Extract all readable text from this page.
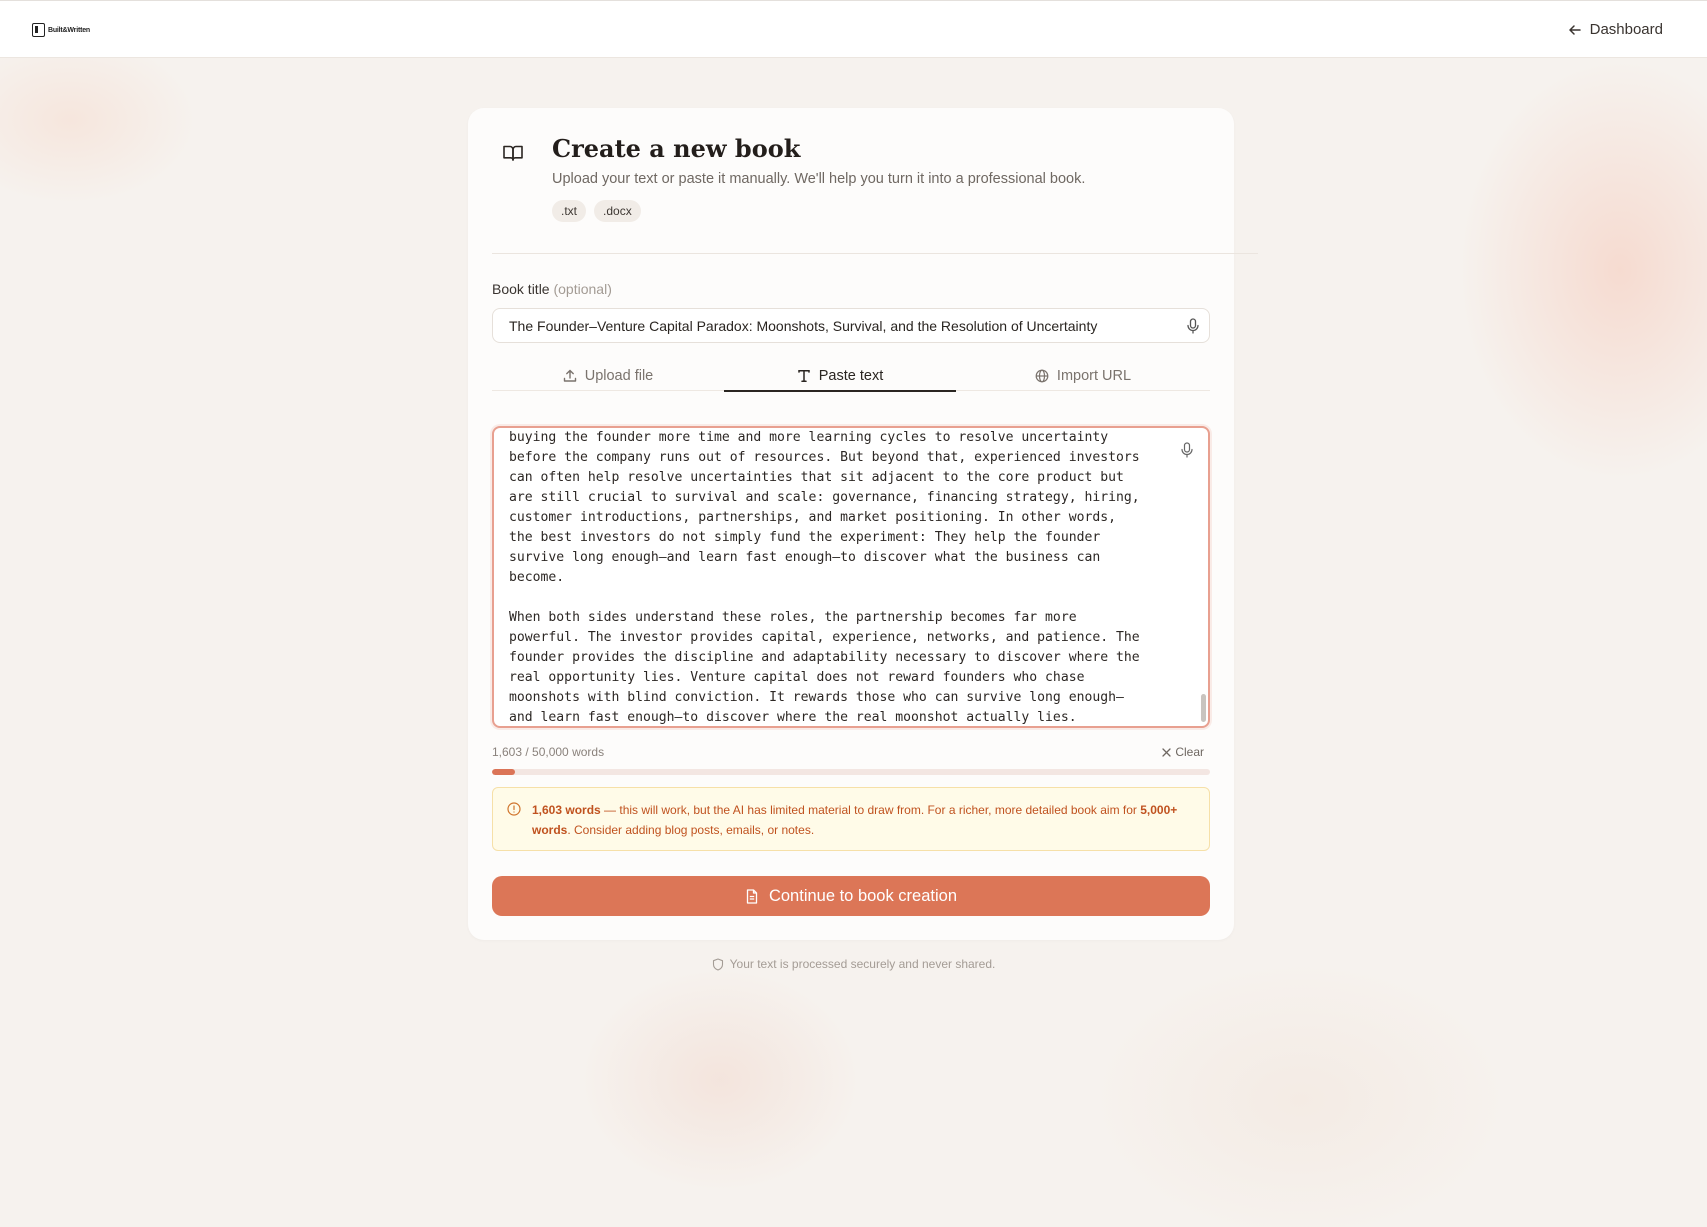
Built&Written	Dashboard
Create a new book
Upload your text or paste it manually. We'll help you turn it into a professional book.
.txt	.docx
Book title (optional)
The Founder–Venture Capital Paradox: Moonshots, Survival, and the Resolution of Uncertainty
Upload file	Paste text	Import URL
buying the founder more time and more learning cycles to resolve uncertainty
before the company runs out of resources. But beyond that, experienced investors
can often help resolve uncertainties that sit adjacent to the core product but
are still crucial to survival and scale: governance, financing strategy, hiring,
customer introductions, partnerships, and market positioning. In other words,
the best investors do not simply fund the experiment: They help the founder
survive long enough—and learn fast enough—to discover what the business can
become.

When both sides understand these roles, the partnership becomes far more
powerful. The investor provides capital, experience, networks, and patience. The
founder provides the discipline and adaptability necessary to discover where the
real opportunity lies. Venture capital does not reward founders who chase
moonshots with blind conviction. It rewards those who can survive long enough—
and learn fast enough—to discover where the real moonshot actually lies.
1,603 / 50,000 words	Clear
1,603 words — this will work, but the AI has limited material to draw from. For a richer, more detailed book aim for 5,000+ words. Consider adding blog posts, emails, or notes.
Continue to book creation
Your text is processed securely and never shared.
